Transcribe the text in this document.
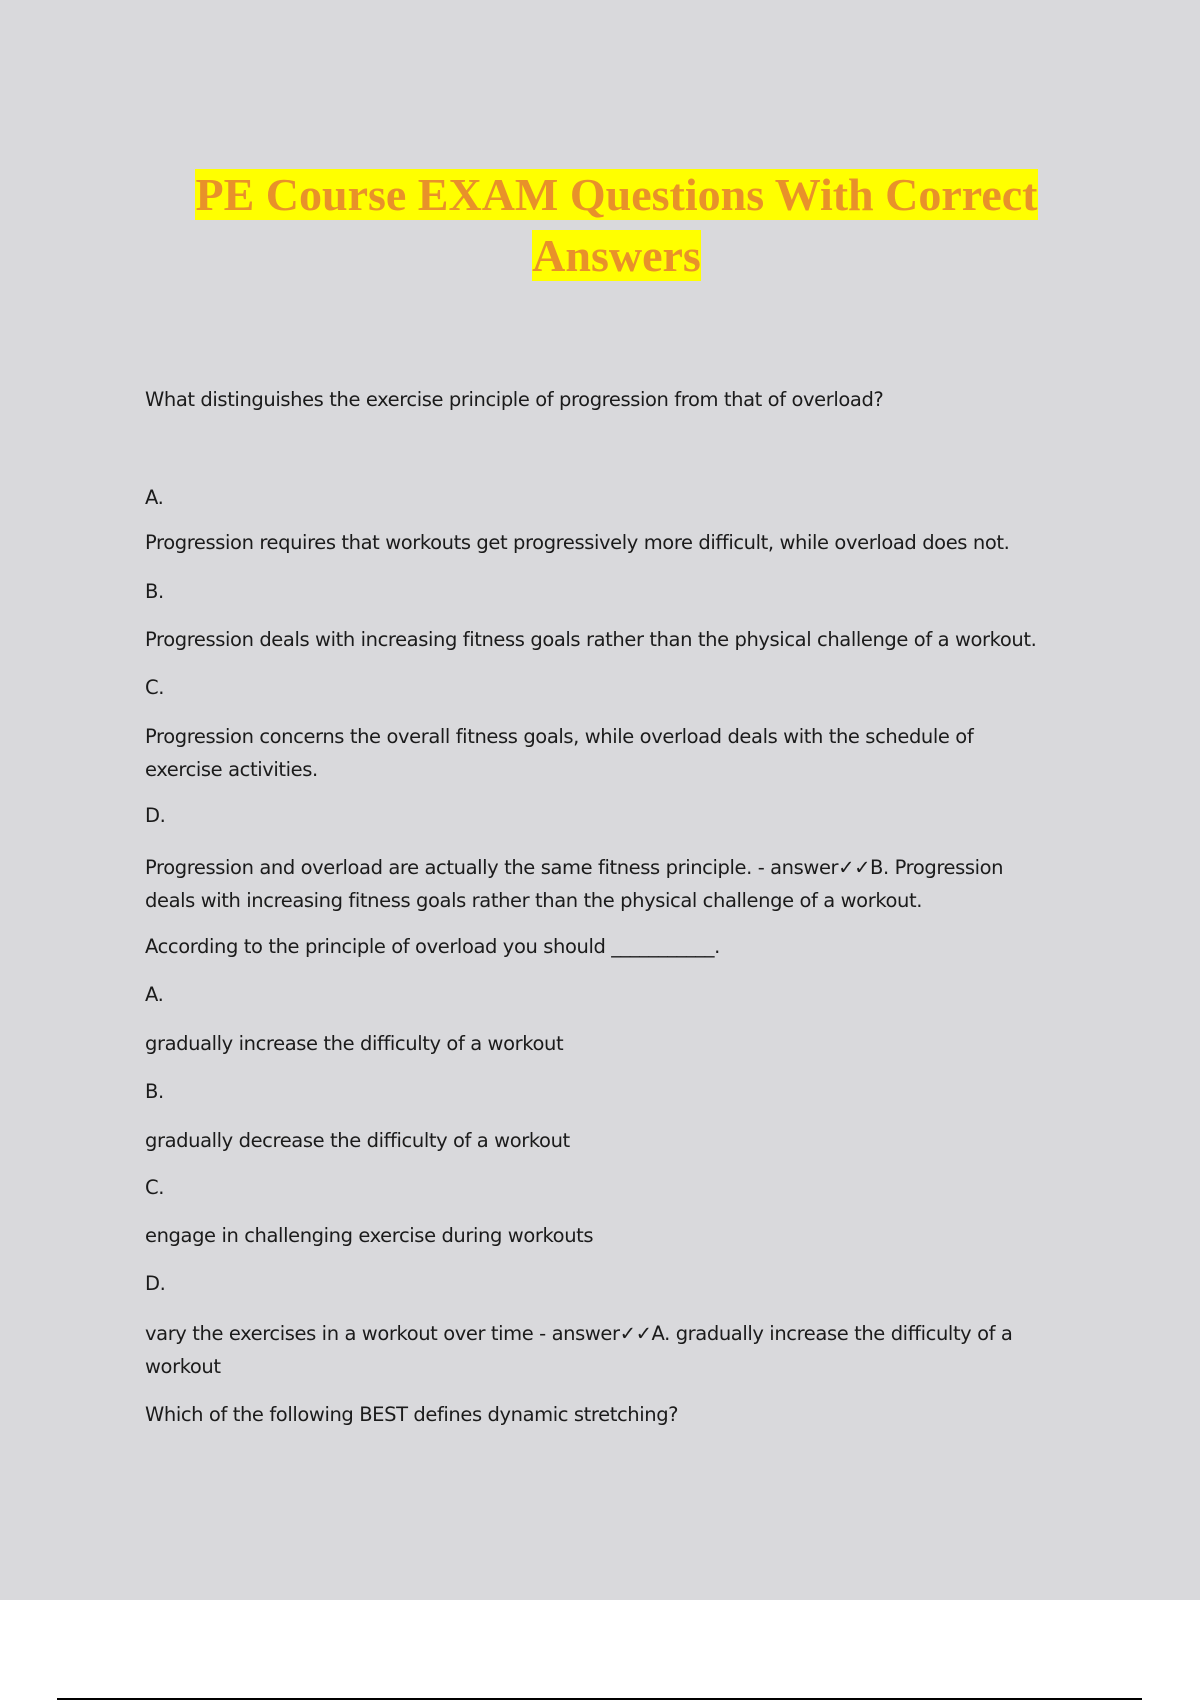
PE Course EXAM Questions With Correct
Answers
What distinguishes the exercise principle of progression from that of overload?
A.
Progression requires that workouts get progressively more difficult, while overload does not.
B.
Progression deals with increasing fitness goals rather than the physical challenge of a workout.
C.
Progression concerns the overall fitness goals, while overload deals with the schedule of
exercise activities.
D.
Progression and overload are actually the same fitness principle. - answer✓✓B. Progression
deals with increasing fitness goals rather than the physical challenge of a workout.
According to the principle of overload you should ___________.
A.
gradually increase the difficulty of a workout
B.
gradually decrease the difficulty of a workout
C.
engage in challenging exercise during workouts
D.
vary the exercises in a workout over time - answer✓✓A. gradually increase the difficulty of a
workout
Which of the following BEST defines dynamic stretching?
